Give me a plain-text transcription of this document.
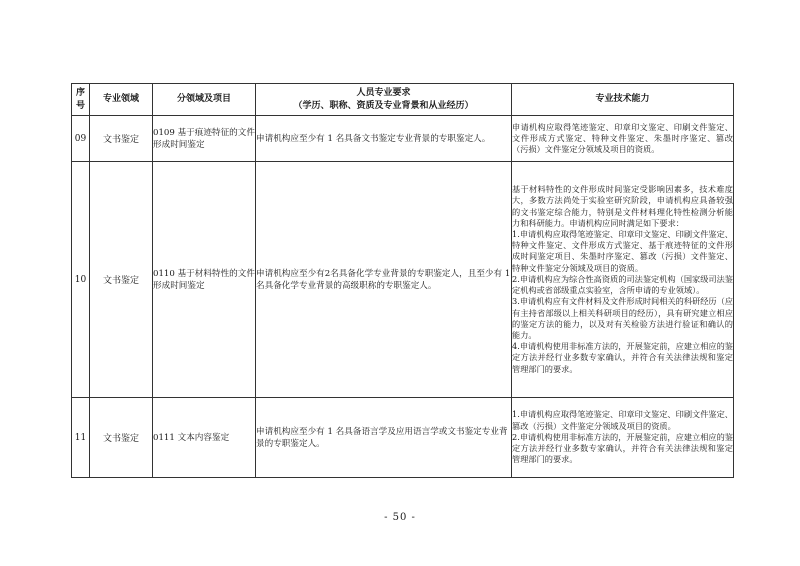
序
号	专业领域	分领域及项目	人员专业要求
（学历、职称、资质及专业背景和从业经历）	专业技术能力
09	文书鉴定	0109 基于痕迹特征的文件形成时间鉴定	申请机构应至少有 1 名具备文书鉴定专业背景的专职鉴定人。	申请机构应取得笔迹鉴定、印章印文鉴定、印刷文件鉴定、文件形成方式鉴定、特种文件鉴定、朱墨时序鉴定、篡改（污损）文件鉴定分领域及项目的资质。

10	文书鉴定	0110 基于材料特性的文件形成时间鉴定	申请机构应至少有2名具备化学专业背景的专职鉴定人，且至少有 1 名具备化学专业背景的高级职称的专职鉴定人。	基于材料特性的文件形成时间鉴定受影响因素多，技术难度大，多数方法尚处于实验室研究阶段，申请机构应具备较强的文书鉴定综合能力，特别是文件材料理化特性检测分析能力和科研能力。申请机构应同时满足如下要求：
1.申请机构应取得笔迹鉴定、印章印文鉴定、印刷文件鉴定、特种文件鉴定、文件形成方式鉴定、基于痕迹特征的文件形成时间鉴定项目、朱墨时序鉴定、篡改（污损）文件鉴定、特种文件鉴定分领域及项目的资质。
2.申请机构应为综合性高资质的司法鉴定机构（国家级司法鉴定机构或省部级重点实验室，含所申请的专业领域）。
3.申请机构应有文件材料及文件形成时间相关的科研经历（应有主持省部级以上相关科研项目的经历），具有研究建立相应的鉴定方法的能力，以及对有关检验方法进行验证和确认的能力。
4.申请机构使用非标准方法的，开展鉴定前，应建立相应的鉴定方法并经行业多数专家确认，并符合有关法律法规和鉴定管理部门的要求。

11	文书鉴定	0111 文本内容鉴定	申请机构应至少有 1 名具备语言学及应用语言学或文书鉴定专业背景的专职鉴定人。	1.申请机构应取得笔迹鉴定、印章印文鉴定、印刷文件鉴定、篡改（污损）文件鉴定分领域及项目的资质。
2.申请机构使用非标准方法的，开展鉴定前，应建立相应的鉴定方法并经行业多数专家确认，并符合有关法律法规和鉴定管理部门的要求。
- 50 -
